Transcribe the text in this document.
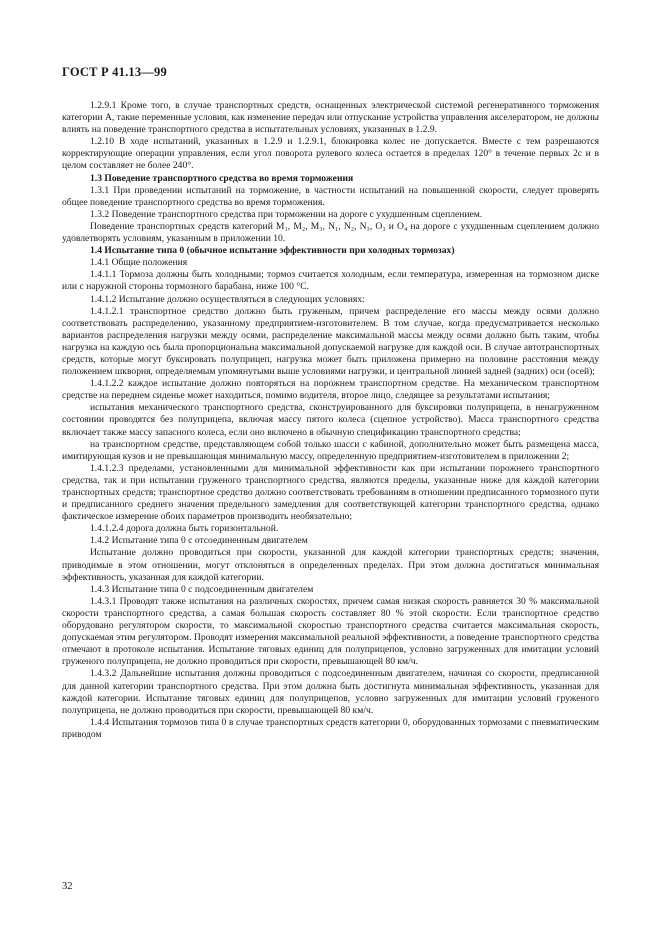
ГОСТ Р 41.13—99

1.2.9.1 Кроме того, в случае транспортных средств, оснащенных электрической системой регенеративного торможения категории А, такие переменные условия, как изменение передач или отпускание устройства управления акселератором, не должны влиять на поведение транспортного средства в испытательных условиях, указанных в 1.2.9.

1.2.10 В ходе испытаний, указанных в 1.2.9 и 1.2.9.1, блокировка колес не допускается. Вместе с тем разрешаются корректирующие операции управления, если угол поворота рулевого колеса остается в пределах 120° в течение первых 2с и в целом составляет не более 240°.

1.3 Поведение транспортного средства во время торможения

1.3.1 При проведении испытаний на торможение, в частности испытаний на повышенной скорости, следует проверять общее поведение транспортного средства во время торможения.

1.3.2 Поведение транспортного средства при торможении на дороге с ухудшенным сцеплением.

Поведение транспортных средств категорий M₁, M₂, M₃, N₁, N₂, N₃, O₃ и O₄ на дороге с ухудшенным сцеплением должно удовлетворять условиям, указанным в приложении 10.

1.4 Испытание типа 0 (обычное испытание эффективности при холодных тормозах)

1.4.1 Общие положения

1.4.1.1 Тормоза должны быть холодными; тормоз считается холодным, если температура, измеренная на тормозном диске или с наружной стороны тормозного барабана, ниже 100 °С.

1.4.1.2 Испытание должно осуществляться в следующих условиях:

1.4.1.2.1 транспортное средство должно быть груженым, причем распределение его массы между осями должно соответствовать распределению, указанному предприятием-изготовителем. В том случае, когда предусматривается несколько вариантов распределения нагрузки между осями, распределение максимальной массы между осями должно быть таким, чтобы нагрузка на каждую ось была пропорциональна максимальной допускаемой нагрузке для каждой оси. В случае автотранспортных средств, которые могут буксировать полуприцеп, нагрузка может быть приложена примерно на половине расстояния между положением шкворня, определяемым упомянутыми выше условиями нагрузки, и центральной линией задней (задних) оси (осей);

1.4.1.2.2 каждое испытание должно повторяться на порожнем транспортном средстве. На механическом транспортном средстве на переднем сиденье может находиться, помимо водителя, второе лицо, следящее за результатами испытания;

испытания механического транспортного средства, сконструированного для буксировки полуприцепа, в ненагруженном состоянии проводятся без полуприцепа, включая массу пятого колеса (сцепное устройство). Масса транспортного средства включает также массу запасного колеса, если оно включено в обычную спецификацию транспортного средства;

на транспортном средстве, представляющем собой только шасси с кабиной, дополнительно может быть размещена масса, имитирующая кузов и не превышающая минимальную массу, определенную предприятием-изготовителем в приложении 2;

1.4.1.2.3 пределами, установленными для минимальной эффективности как при испытании порожнего транспортного средства, так и при испытании груженого транспортного средства, являются пределы, указанные ниже для каждой категории транспортных средств; транспортное средство должно соответствовать требованиям в отношении предписанного тормозного пути и предписанного среднего значения предельного замедления для соответствующей категории транспортного средства, однако фактическое измерение обоих параметров производить необязательно;

1.4.1.2.4 дорога должна быть горизонтальной.

1.4.2 Испытание типа 0 с отсоединенным двигателем

Испытание должно проводиться при скорости, указанной для каждой категории транспортных средств; значения, приводимые в этом отношении, могут отклоняться в определенных пределах. При этом должна достигаться минимальная эффективность, указанная для каждой категории.

1.4.3 Испытание типа 0 с подсоединенным двигателем

1.4.3.1 Проводят также испытания на различных скоростях, причем самая низкая скорость равняется 30 % максимальной скорости транспортного средства, а самая большая скорость составляет 80 % этой скорости. Если транспортное средство оборудовано регулятором скорости, то максимальной скоростью транспортного средства считается максимальная скорость, допускаемая этим регулятором. Проводят измерения максимальной реальной эффективности, а поведение транспортного средства отмечают в протоколе испытания. Испытание тяговых единиц для полуприцепов, условно загруженных для имитации условий груженого полуприцепа, не должно проводиться при скорости, превышающей 80 км/ч.

1.4.3.2 Дальнейшие испытания должны проводиться с подсоединенным двигателем, начиная со скорости, предписанной для данной категории транспортного средства. При этом должна быть достигнута минимальная эффективность, указанная для каждой категории. Испытание тяговых единиц для полуприцепов, условно загруженных для имитации условий груженого полуприцепа, не должно проводиться при скорости, превышающей 80 км/ч.

1.4.4 Испытания тормозов типа 0 в случае транспортных средств категории 0, оборудованных тормозами с пневматическим приводом

32
